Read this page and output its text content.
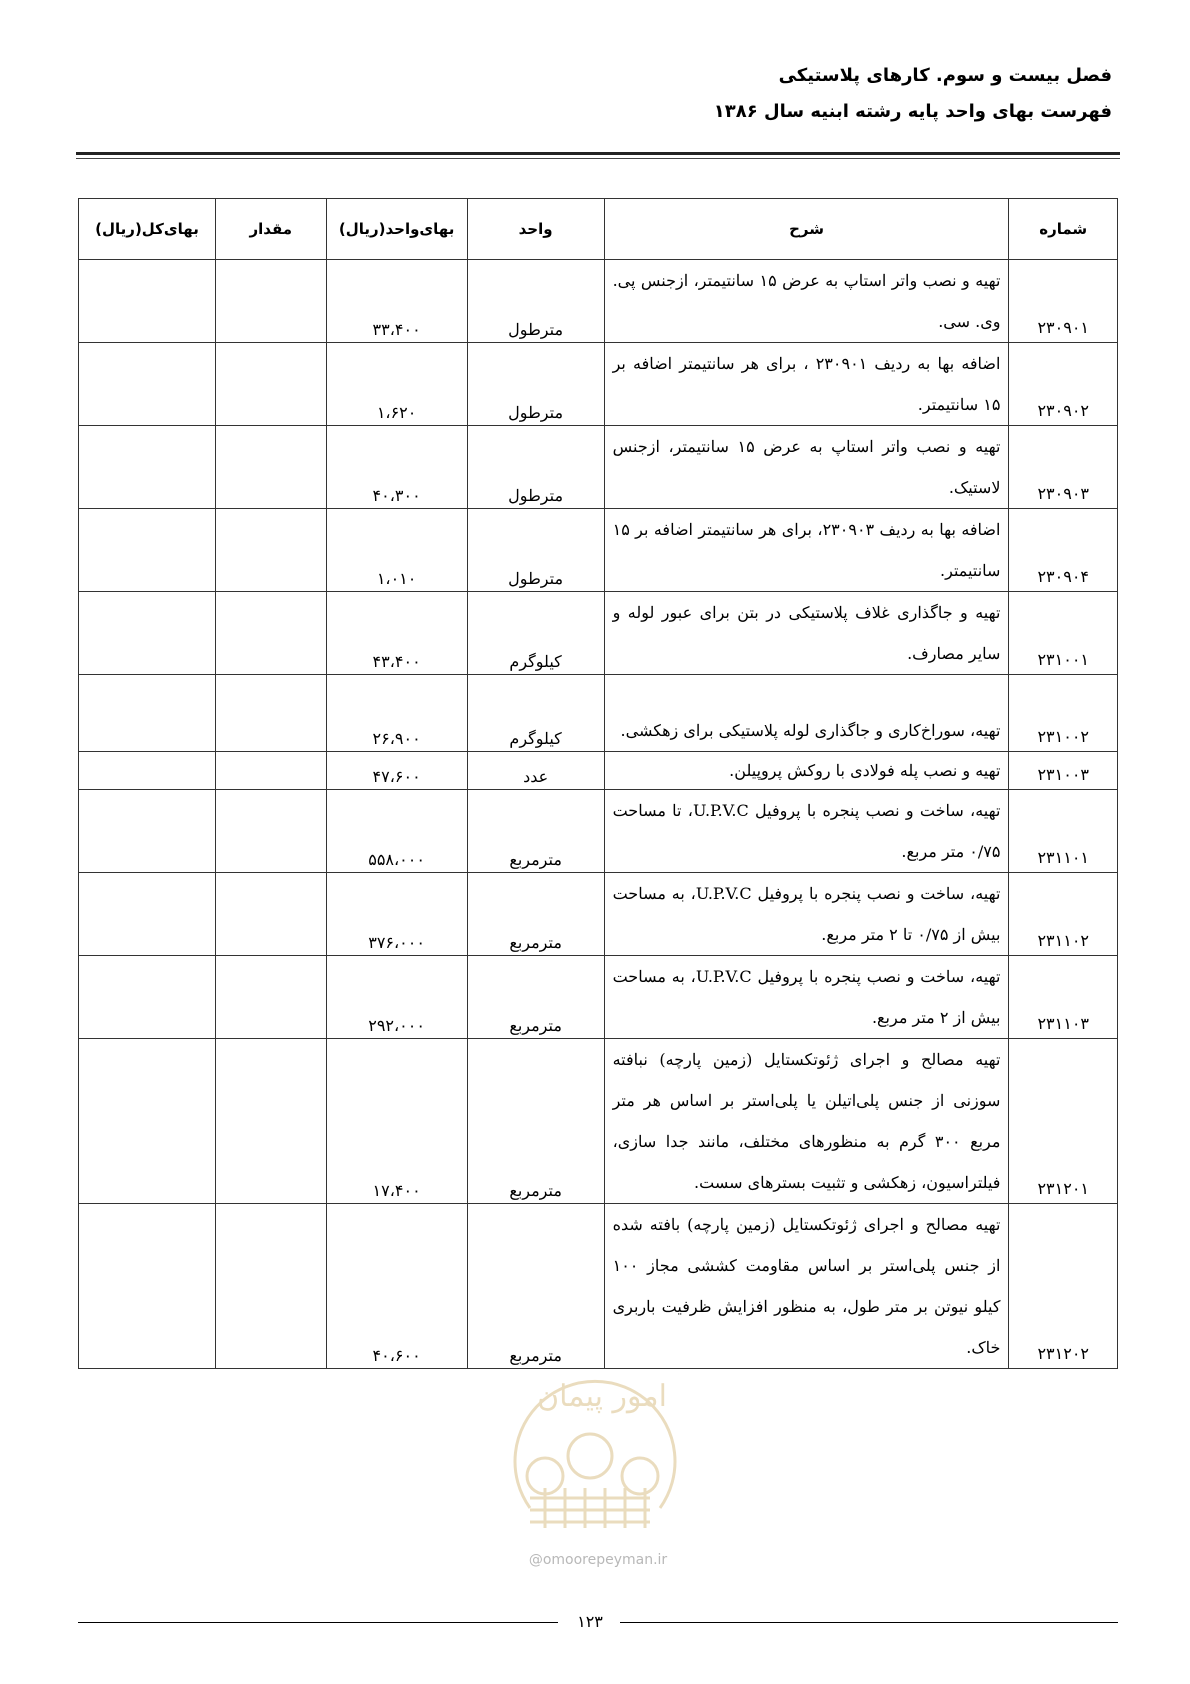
فصل بیست و سوم. کارهای پلاستیکی
فهرست بهای واحد پایه رشته ابنیه سال ۱۳۸۶
شماره	شرح	واحد	بهای‌واحد(ریال)	مقدار	بهای‌کل(ریال)
۲۳۰۹۰۱	تهیه و نصب واتر استاپ به عرض ۱۵ سانتیمتر، ازجنس پی. وی. سی.	مترطول	۳۳،۴۰۰		
۲۳۰۹۰۲	اضافه بها به ردیف ۲۳۰۹۰۱ ، برای هر سانتیمتر اضافه بر ۱۵ سانتیمتر.	مترطول	۱،۶۲۰		
۲۳۰۹۰۳	تهیه و نصب واتر استاپ به عرض ۱۵ سانتیمتر، ازجنس لاستیک.	مترطول	۴۰،۳۰۰		
۲۳۰۹۰۴	اضافه بها به ردیف ۲۳۰۹۰۳، برای هر سانتیمتر اضافه بر ۱۵ سانتیمتر.	مترطول	۱،۰۱۰		
۲۳۱۰۰۱	تهیه و جاگذاری غلاف پلاستیکی در بتن برای عبور لوله و سایر مصارف.	کیلوگرم	۴۳،۴۰۰		
۲۳۱۰۰۲	تهیه، سوراخ‌کاری و جاگذاری لوله پلاستیکی برای زهکشی.	کیلوگرم	۲۶،۹۰۰		
۲۳۱۰۰۳	تهیه و نصب پله فولادی با روکش پروپیلن.	عدد	۴۷،۶۰۰		
۲۳۱۱۰۱	تهیه، ساخت و نصب پنجره با پروفیل U.P.V.C، تا مساحت ۰/۷۵ متر مربع.	مترمربع	۵۵۸،۰۰۰		
۲۳۱۱۰۲	تهیه، ساخت و نصب پنجره با پروفیل U.P.V.C، به مساحت بیش از ۰/۷۵ تا ۲ متر مربع.	مترمربع	۳۷۶،۰۰۰		
۲۳۱۱۰۳	تهیه، ساخت و نصب پنجره با پروفیل U.P.V.C، به مساحت بیش از ۲ متر مربع.	مترمربع	۲۹۲،۰۰۰		
۲۳۱۲۰۱	تهیه مصالح و اجرای ژئوتکستایل (زمین پارچه) نبافته سوزنی از جنس پلی‌اتیلن یا پلی‌استر بر اساس هر متر مربع ۳۰۰ گرم به منظورهای مختلف، مانند جدا سازی، فیلتراسیون، زهکشی و تثبیت بسترهای سست.	مترمربع	۱۷،۴۰۰		
۲۳۱۲۰۲	تهیه مصالح و اجرای ژئوتکستایل (زمین پارچه) بافته شده از جنس پلی‌استر بر اساس مقاومت کششی مجاز ۱۰۰ کیلو نیوتن بر متر طول، به منظور افزایش ظرفیت باربری خاک.	مترمربع	۴۰،۶۰۰		
امور پیمان
@omoorepeyman.ir
۱۲۳
